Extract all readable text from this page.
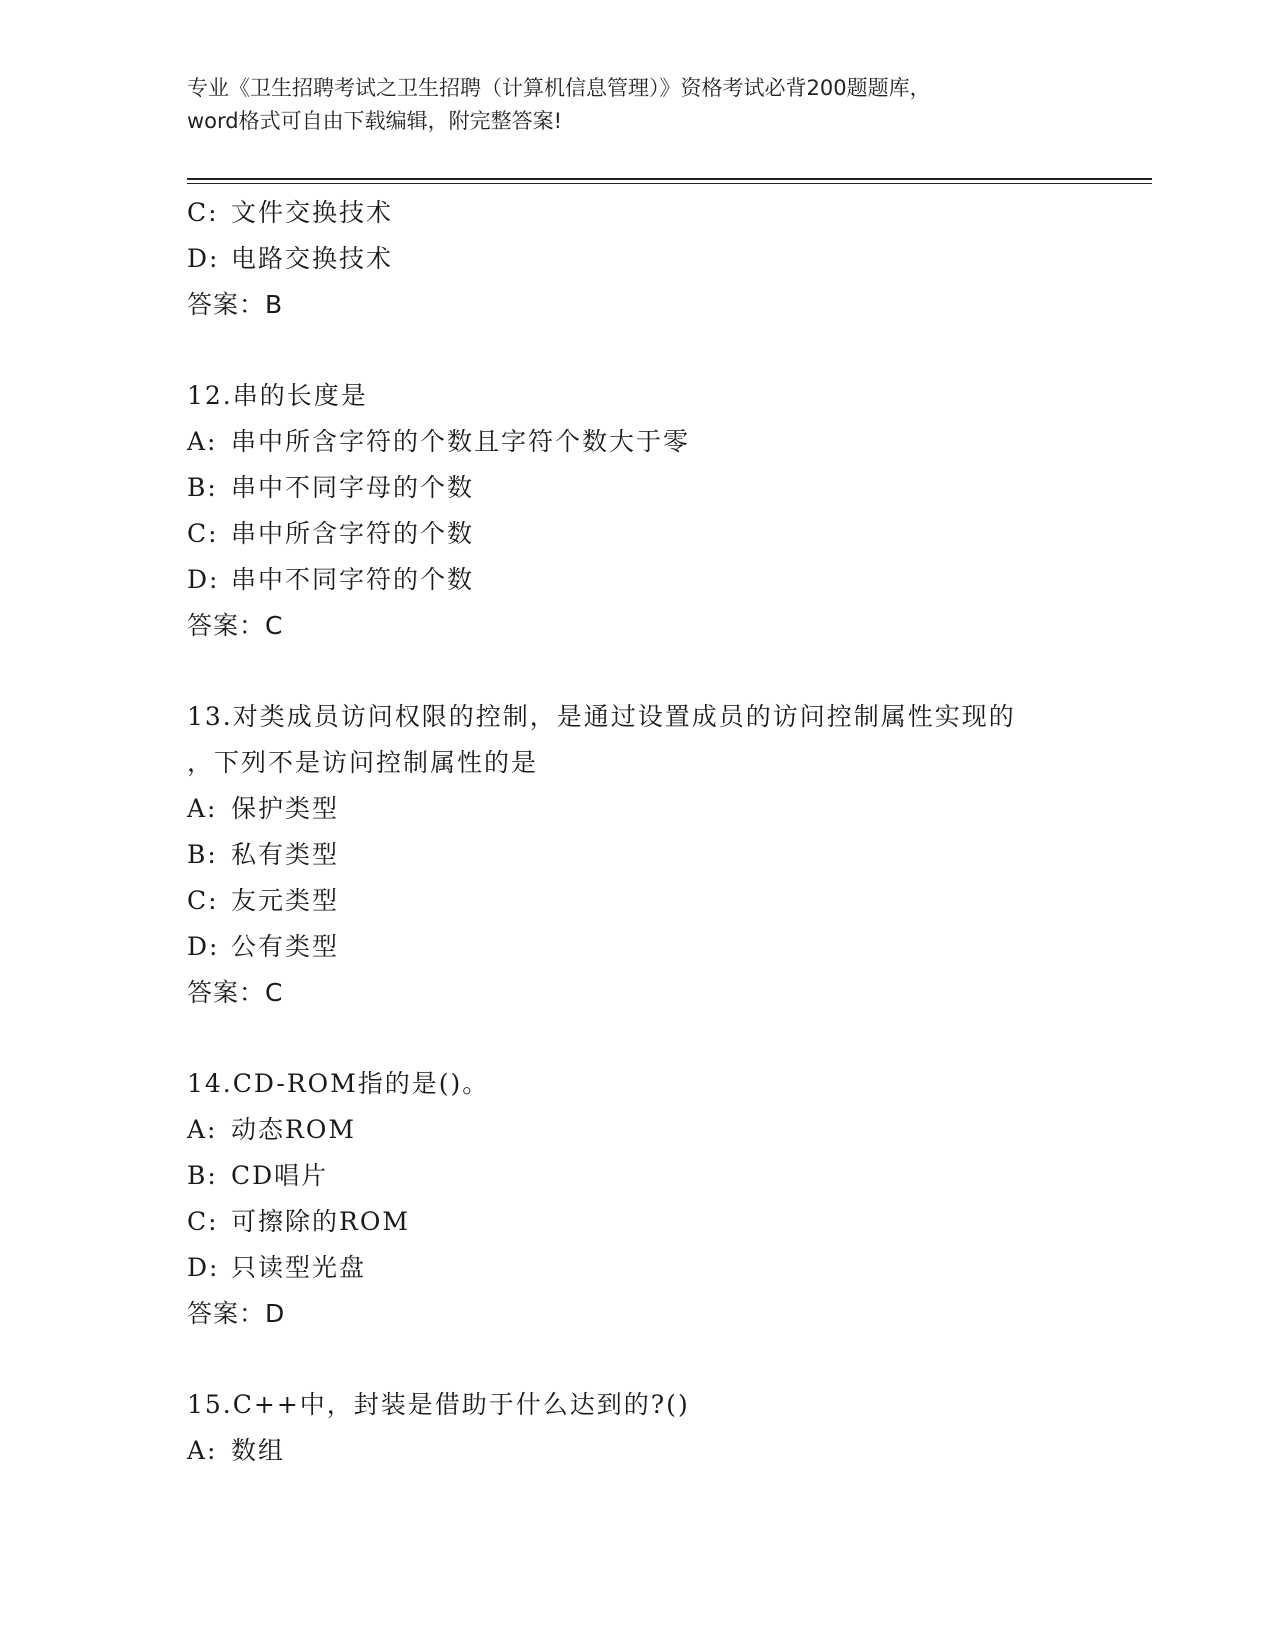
专业《卫生招聘考试之卫生招聘（计算机信息管理）》资格考试必背200题题库，
word格式可自由下载编辑，附完整答案!
C: 文件交换技术
D: 电路交换技术
答案：B
12.串的长度是
A: 串中所含字符的个数且字符个数大于零
B: 串中不同字母的个数
C: 串中所含字符的个数
D: 串中不同字符的个数
答案：C
13.对类成员访问权限的控制，是通过设置成员的访问控制属性实现的
，下列不是访问控制属性的是
A: 保护类型
B: 私有类型
C: 友元类型
D: 公有类型
答案：C
14.CD-ROM指的是()。
A: 动态ROM
B: CD唱片
C: 可擦除的ROM
D: 只读型光盘
答案：D
15.C++中，封装是借助于什么达到的?()
A: 数组
